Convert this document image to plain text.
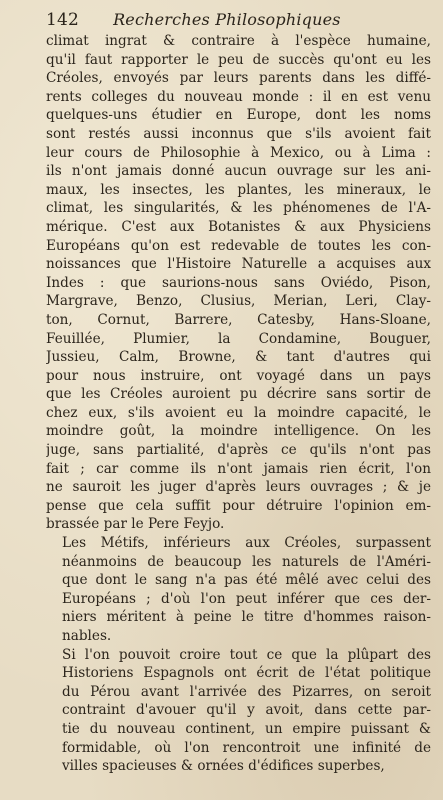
142 Recherches Philosophiques

climat ingrat & contraire à l'espèce humaine,
qu'il faut rapporter le peu de succès qu'ont eu les
Créoles, envoyés par leurs parents dans les diffé-
rents colleges du nouveau monde : il en est venu
quelques-uns étudier en Europe, dont les noms
sont restés aussi inconnus que s'ils avoient fait
leur cours de Philosophie à Mexico, ou à Lima :
ils n'ont jamais donné aucun ouvrage sur les ani-
maux, les insectes, les plantes, les mineraux, le
climat, les singularités, & les phénomenes de l'A-
mérique. C'est aux Botanistes & aux Physiciens
Européans qu'on est redevable de toutes les con-
noissances que l'Histoire Naturelle a acquises aux
Indes : que saurions-nous sans Oviédo, Pison,
Margrave, Benzo, Clusius, Merian, Leri, Clay-
ton, Cornut, Barrere, Catesby, Hans-Sloane,
Feuillée, Plumier, la Condamine, Bouguer,
Jussieu, Calm, Browne, & tant d'autres qui
pour nous instruire, ont voyagé dans un pays
que les Créoles auroient pu décrire sans sortir de
chez eux, s'ils avoient eu la moindre capacité, le
moindre goût, la moindre intelligence. On les
juge, sans partialité, d'après ce qu'ils n'ont pas
fait ; car comme ils n'ont jamais rien écrit, l'on
ne sauroit les juger d'après leurs ouvrages ; & je
pense que cela suffit pour détruire l'opinion em-
brassée par le Pere Feyjo.

Les Métifs, inférieurs aux Créoles, surpassent
néanmoins de beaucoup les naturels de l'Améri-
que dont le sang n'a pas été mêlé avec celui des
Européans ; d'où l'on peut inférer que ces der-
niers méritent à peine le titre d'hommes raison-
nables.

Si l'on pouvoit croire tout ce que la plûpart des
Historiens Espagnols ont écrit de l'état politique
du Pérou avant l'arrivée des Pizarres, on seroit
contraint d'avouer qu'il y avoit, dans cette par-
tie du nouveau continent, un empire puissant &
formidable, où l'on rencontroit une infinité de
villes spacieuses & ornées d'édifices superbes,
